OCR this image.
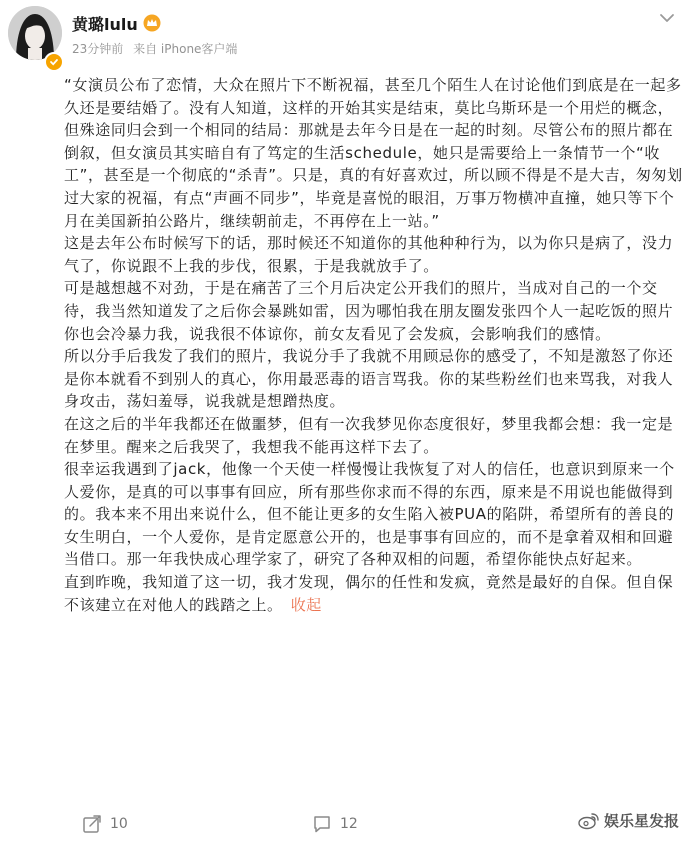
黄璐lulu
23分钟前 来自 iPhone客户端

“女演员公布了恋情，大众在照片下不断祝福，甚至几个陌生人在讨论他们到底是在一起多久还是要结婚了。没有人知道，这样的开始其实是结束，莫比乌斯环是一个用烂的概念，但殊途同归会到一个相同的结局：那就是去年今日是在一起的时刻。尽管公布的照片都在倒叙，但女演员其实暗自有了笃定的生活schedule，她只是需要给上一条情节一个“收工”，甚至是一个彻底的“杀青”。只是，真的有好喜欢过，所以顾不得是不是大吉，匆匆划过大家的祝福，有点“声画不同步”，毕竟是喜悦的眼泪，万事万物横冲直撞，她只等下个月在美国新拍公路片，继续朝前走，不再停在上一站。”

这是去年公布时候写下的话，那时候还不知道你的其他种种行为，以为你只是病了，没力气了，你说跟不上我的步伐，很累，于是我就放手了。

可是越想越不对劲，于是在痛苦了三个月后决定公开我们的照片，当成对自己的一个交待，我当然知道发了之后你会暴跳如雷，因为哪怕我在朋友圈发张四个人一起吃饭的照片你也会冷暴力我，说我很不体谅你，前女友看见了会发疯，会影响我们的感情。

所以分手后我发了我们的照片，我说分手了我就不用顾忌你的感受了，不知是激怒了你还是你本就看不到别人的真心，你用最恶毒的语言骂我。你的某些粉丝们也来骂我，对我人身攻击，荡妇羞辱，说我就是想蹭热度。

在这之后的半年我都还在做噩梦，但有一次我梦见你态度很好，梦里我都会想：我一定是在梦里。醒来之后我哭了，我想我不能再这样下去了。

很幸运我遇到了jack，他像一个天使一样慢慢让我恢复了对人的信任，也意识到原来一个人爱你，是真的可以事事有回应，所有那些你求而不得的东西，原来是不用说也能做得到的。我本来不用出来说什么，但不能让更多的女生陷入被PUA的陷阱，希望所有的善良的女生明白，一个人爱你，是肯定愿意公开的，也是事事有回应的，而不是拿着双相和回避当借口。那一年我快成心理学家了，研究了各种双相的问题，希望你能快点好起来。

直到昨晚，我知道了这一切，我才发现，偶尔的任性和发疯，竟然是最好的自保。但自保不该建立在对他人的践踏之上。 收起

10	12	娱乐星发报
